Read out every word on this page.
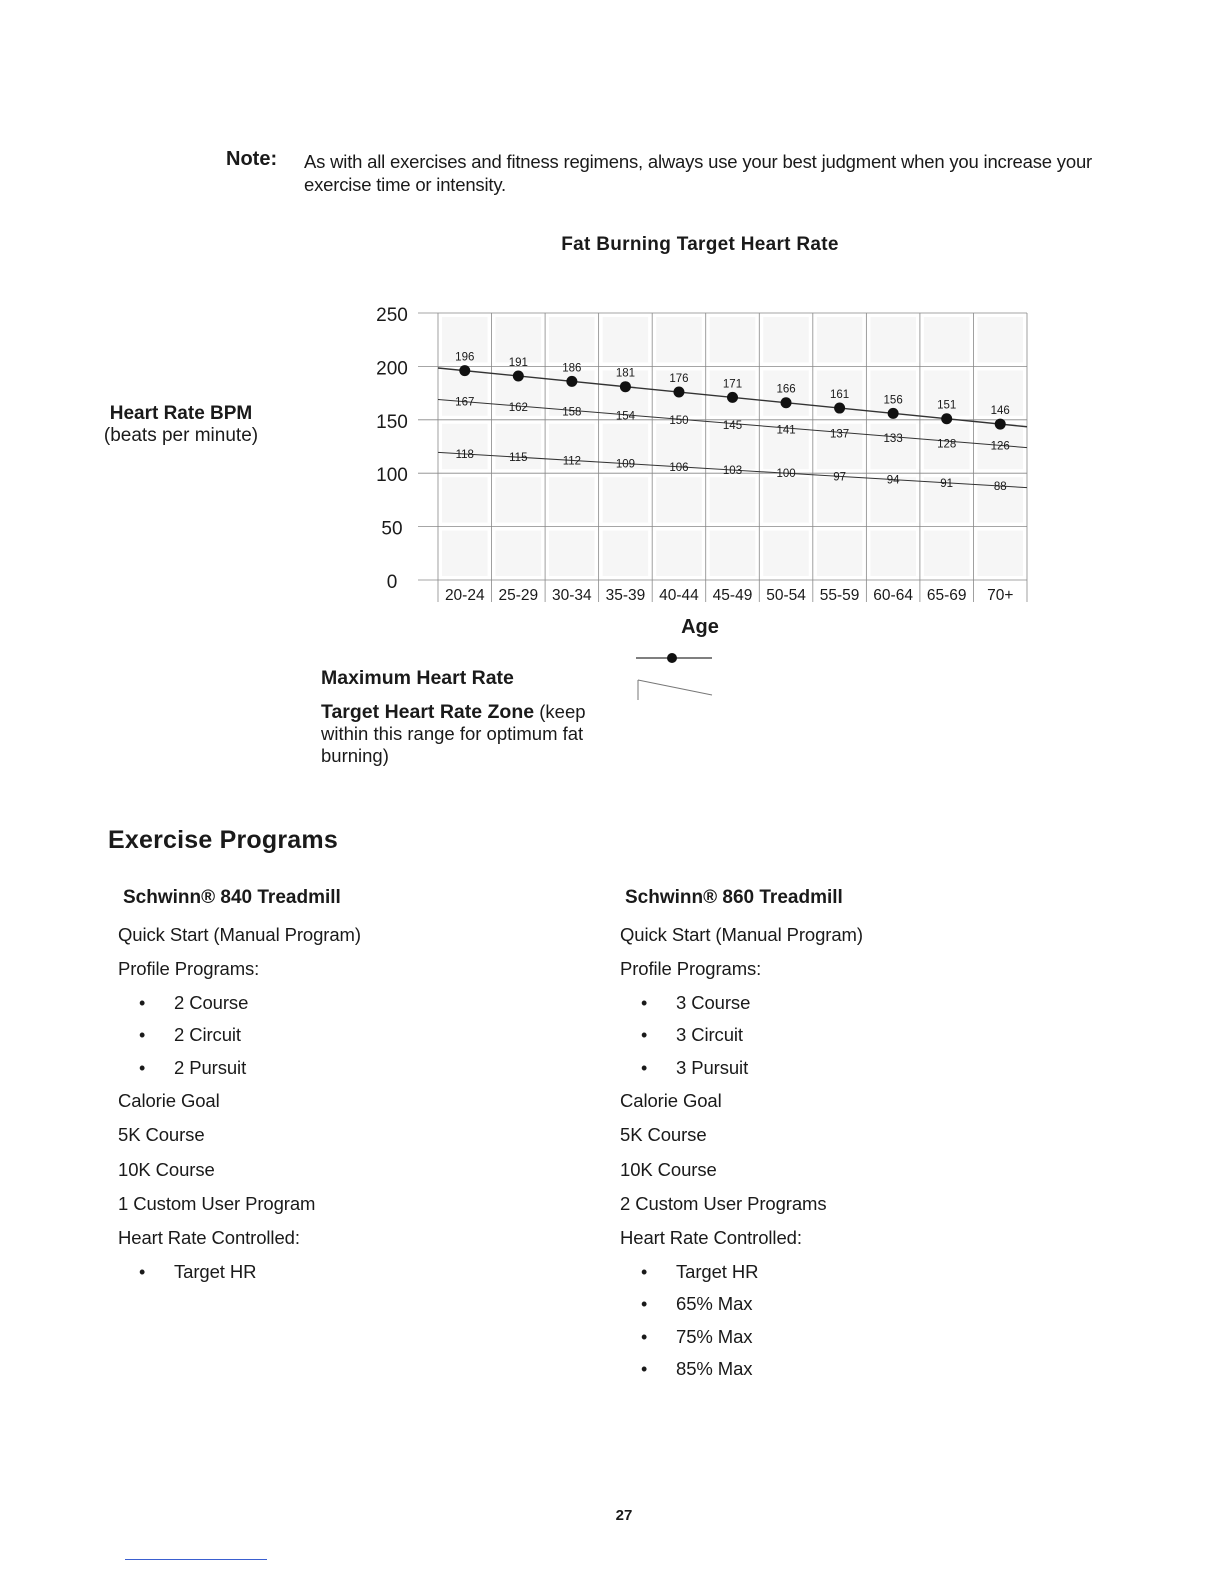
Note: As with all exercises and fitness regimens, always use your best judgment when you increase your exercise time or intensity.
Fat Burning Target Heart Rate
Heart Rate BPM (beats per minute)
0
50
100
150
200
250
20-24 25-29 30-34 35-39 40-44 45-49 50-54 55-59 60-64 65-69 70+
Age
196	191	186	181	176	171	166	161	156	151	146
167	162	158	154	150	145	141	137	133	128	126
118	115	112	109	106	103	100	97	94	91	88
Maximum Heart Rate
Target Heart Rate Zone (keep within this range for optimum fat burning)
Exercise Programs
Schwinn® 840 Treadmill
Quick Start (Manual Program)
Profile Programs:
• 2 Course
• 2 Circuit
• 2 Pursuit
Calorie Goal
5K Course
10K Course
1 Custom User Program
Heart Rate Controlled:
• Target HR
Schwinn® 860 Treadmill
Quick Start (Manual Program)
Profile Programs:
• 3 Course
• 3 Circuit
• 3 Pursuit
Calorie Goal
5K Course
10K Course
2 Custom User Programs
Heart Rate Controlled:
• Target HR
• 65% Max
• 75% Max
• 85% Max
27
